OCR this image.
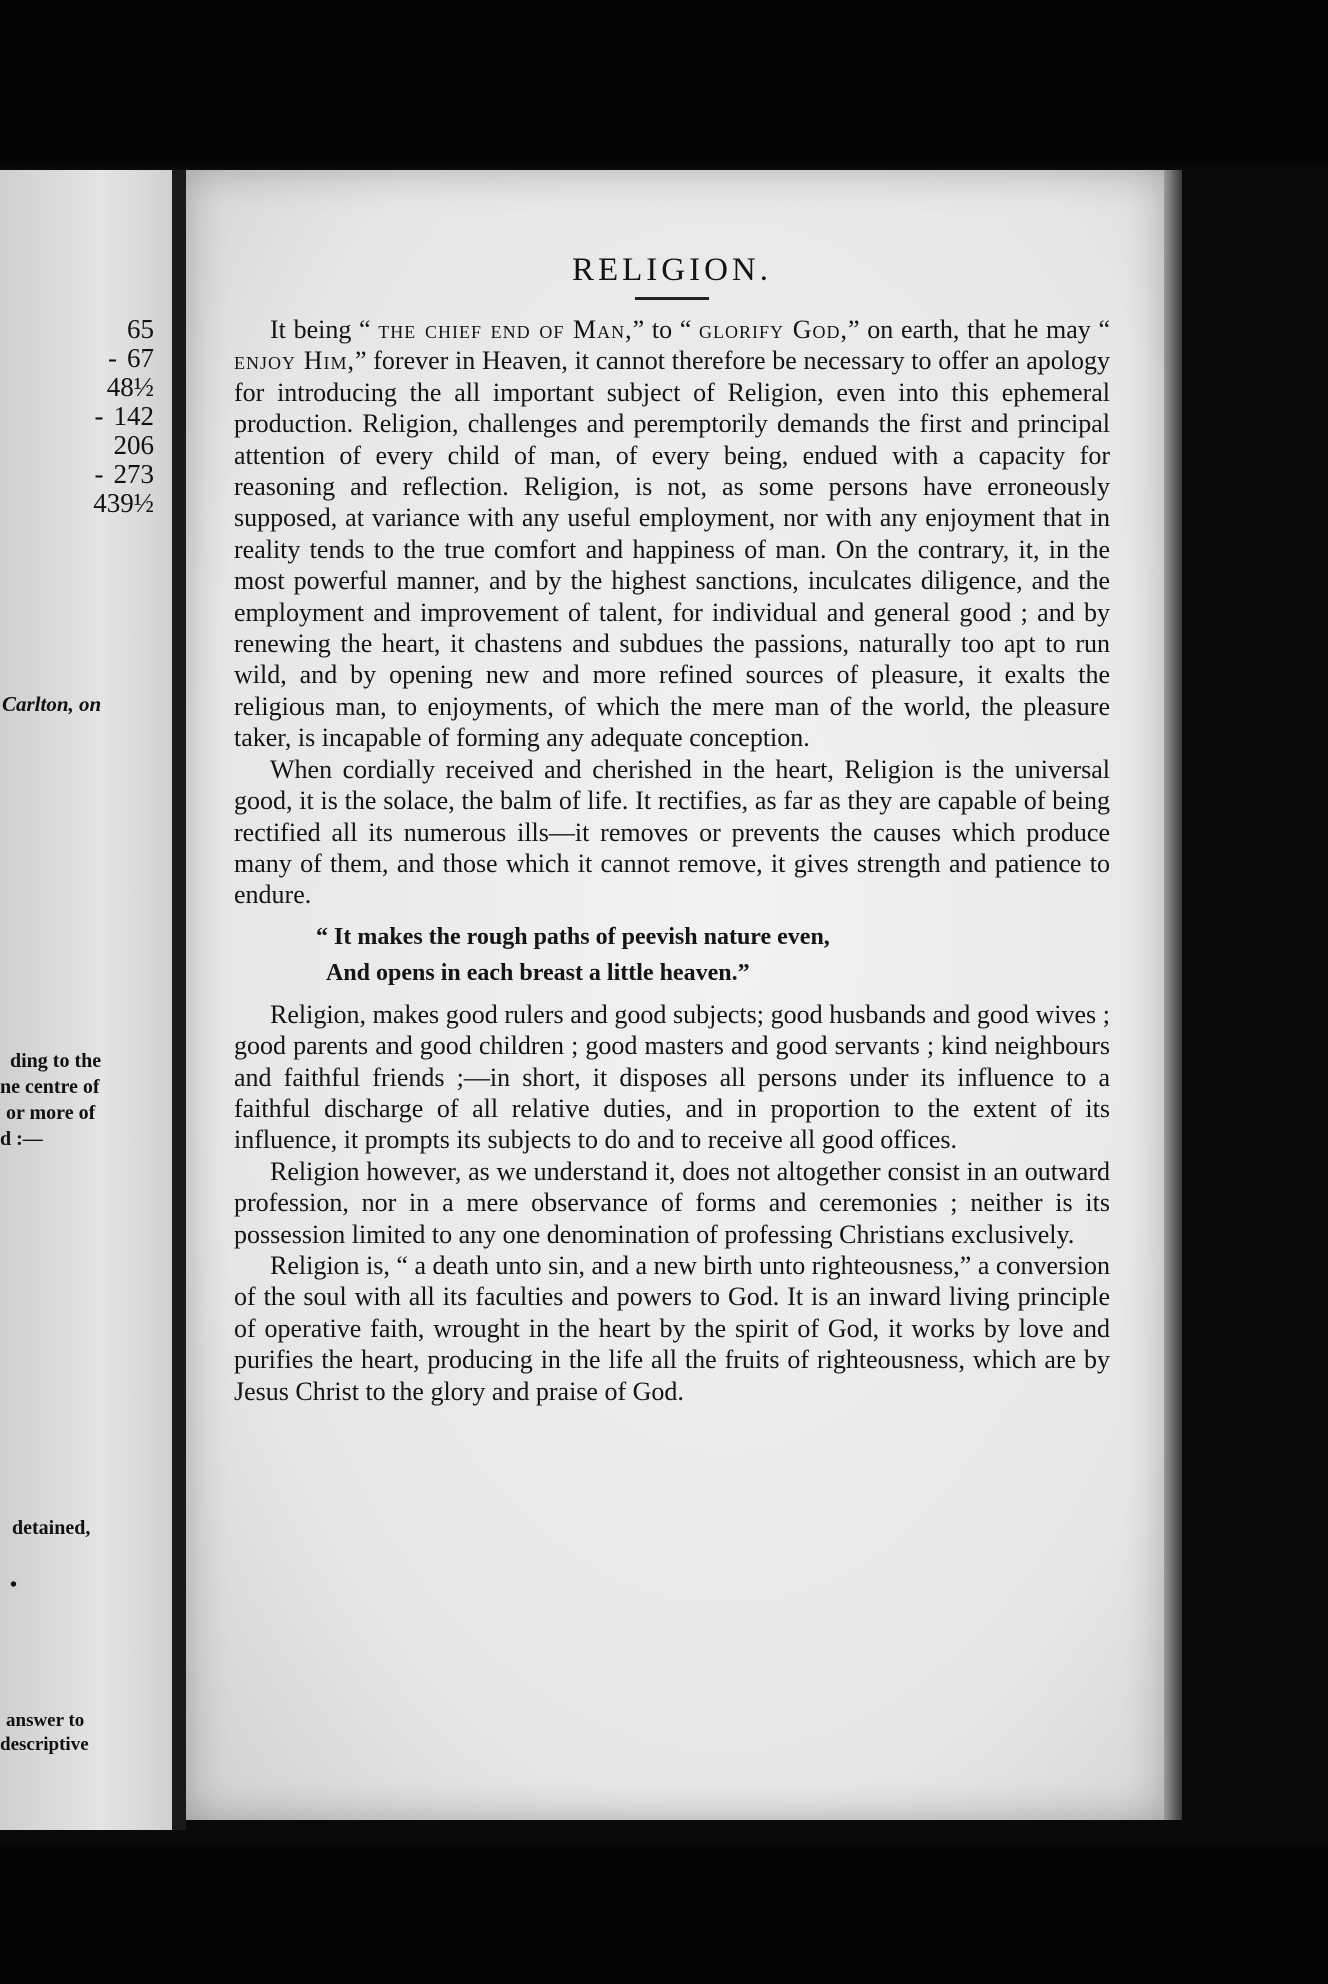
65
- 67
48½
- 142
206
- 273
439½
Carlton, on
ding to the
ne centre of
or more of
d :—
detained,
•
answer to
descriptive
RELIGION.

It being “ the chief end of Man,” to “ glorify God,” on earth, that he may “ enjoy Him,” forever in Heaven, it cannot therefore be necessary to offer an apology for introducing the all important subject of Religion, even into this ephemeral production. Religion, challenges and peremptorily demands the first and principal attention of every child of man, of every being, endued with a capacity for reasoning and reflection. Religion, is not, as some persons have erroneously supposed, at variance with any useful employment, nor with any enjoyment that in reality tends to the true comfort and happiness of man. On the contrary, it, in the most powerful manner, and by the highest sanctions, inculcates diligence, and the employment and improvement of talent, for individual and general good ; and by renewing the heart, it chastens and subdues the passions, naturally too apt to run wild, and by opening new and more refined sources of pleasure, it exalts the religious man, to enjoyments, of which the mere man of the world, the pleasure taker, is incapable of forming any adequate conception.

When cordially received and cherished in the heart, Religion is the universal good, it is the solace, the balm of life. It rectifies, as far as they are capable of being rectified all its numerous ills—it removes or prevents the causes which produce many of them, and those which it cannot remove, it gives strength and patience to endure.

“ It makes the rough paths of peevish nature even,
And opens in each breast a little heaven.”

Religion, makes good rulers and good subjects; good husbands and good wives ; good parents and good children ; good masters and good servants ; kind neighbours and faithful friends ;—in short, it disposes all persons under its influence to a faithful discharge of all relative duties, and in proportion to the extent of its influence, it prompts its subjects to do and to receive all good offices.

Religion however, as we understand it, does not altogether consist in an outward profession, nor in a mere observance of forms and ceremonies ; neither is its possession limited to any one denomination of professing Christians exclusively.

Religion is, “ a death unto sin, and a new birth unto righteousness,” a conversion of the soul with all its faculties and powers to God. It is an inward living principle of operative faith, wrought in the heart by the spirit of God, it works by love and purifies the heart, producing in the life all the fruits of righteousness, which are by Jesus Christ to the glory and praise of God.
